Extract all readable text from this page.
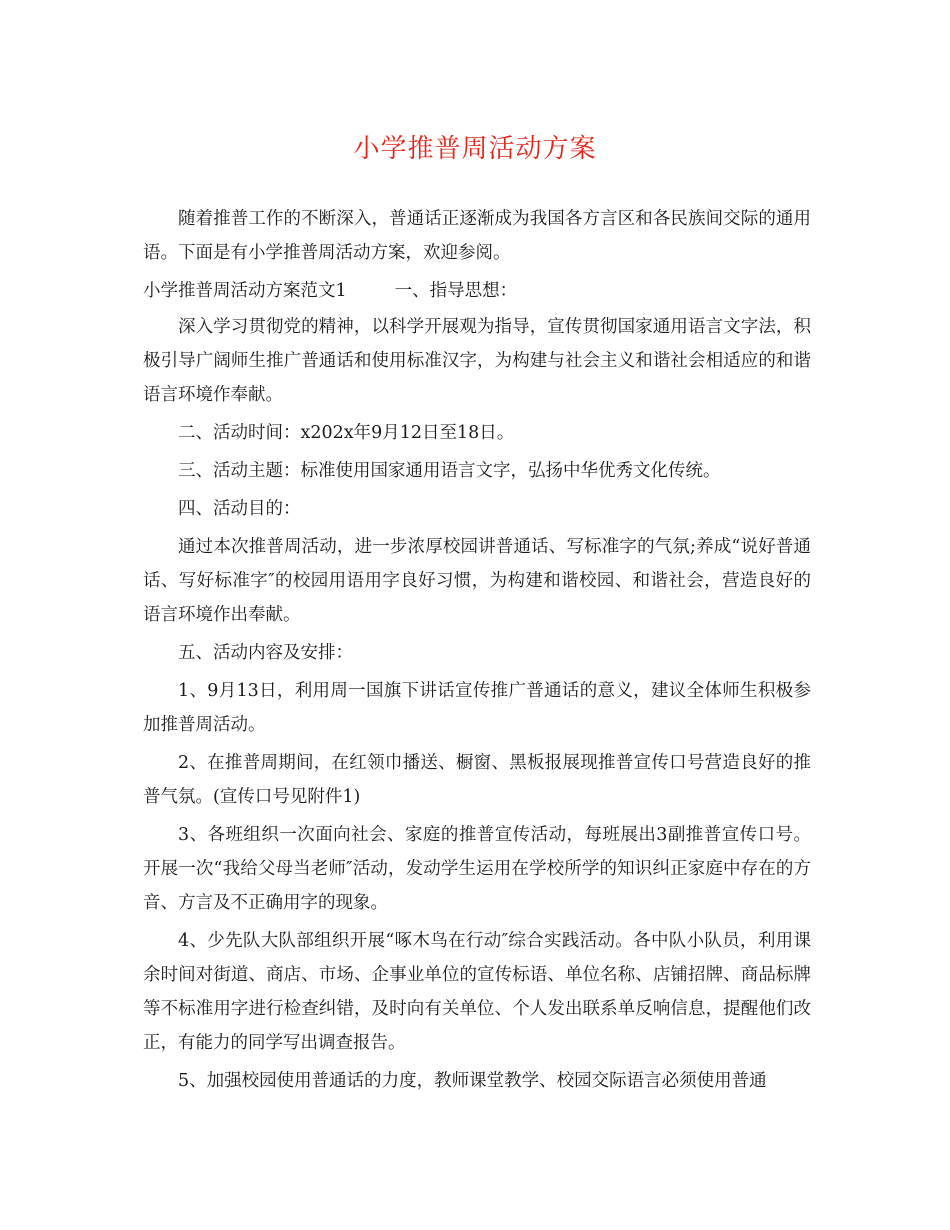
小学推普周活动方案

随着推普工作的不断深入，普通话正逐渐成为我国各方言区和各民族间交际的通用语。下面是有小学推普周活动方案，欢迎参阅。

小学推普周活动方案范文1	一、指导思想：

深入学习贯彻党的精神，以科学开展观为指导，宣传贯彻国家通用语言文字法，积极引导广阔师生推广普通话和使用标准汉字，为构建与社会主义和谐社会相适应的和谐语言环境作奉献。

二、活动时间：x202x年9月12日至18日。

三、活动主题：标准使用国家通用语言文字，弘扬中华优秀文化传统。

四、活动目的：

通过本次推普周活动，进一步浓厚校园讲普通话、写标准字的气氛;养成“说好普通话、写好标准字″的校园用语用字良好习惯，为构建和谐校园、和谐社会，营造良好的语言环境作出奉献。

五、活动内容及安排：

1、9月13日，利用周一国旗下讲话宣传推广普通话的意义，建议全体师生积极参加推普周活动。

2、在推普周期间，在红领巾播送、橱窗、黑板报展现推普宣传口号营造良好的推普气氛。(宣传口号见附件1)

3、各班组织一次面向社会、家庭的推普宣传活动，每班展出3副推普宣传口号。开展一次“我给父母当老师″活动，发动学生运用在学校所学的知识纠正家庭中存在的方音、方言及不正确用字的现象。

4、少先队大队部组织开展“啄木鸟在行动″综合实践活动。各中队小队员，利用课余时间对街道、商店、市场、企事业单位的宣传标语、单位名称、店铺招牌、商品标牌等不标准用字进行检查纠错，及时向有关单位、个人发出联系单反响信息，提醒他们改正，有能力的同学写出调查报告。

5、加强校园使用普通话的力度，教师课堂教学、校园交际语言必须使用普通
